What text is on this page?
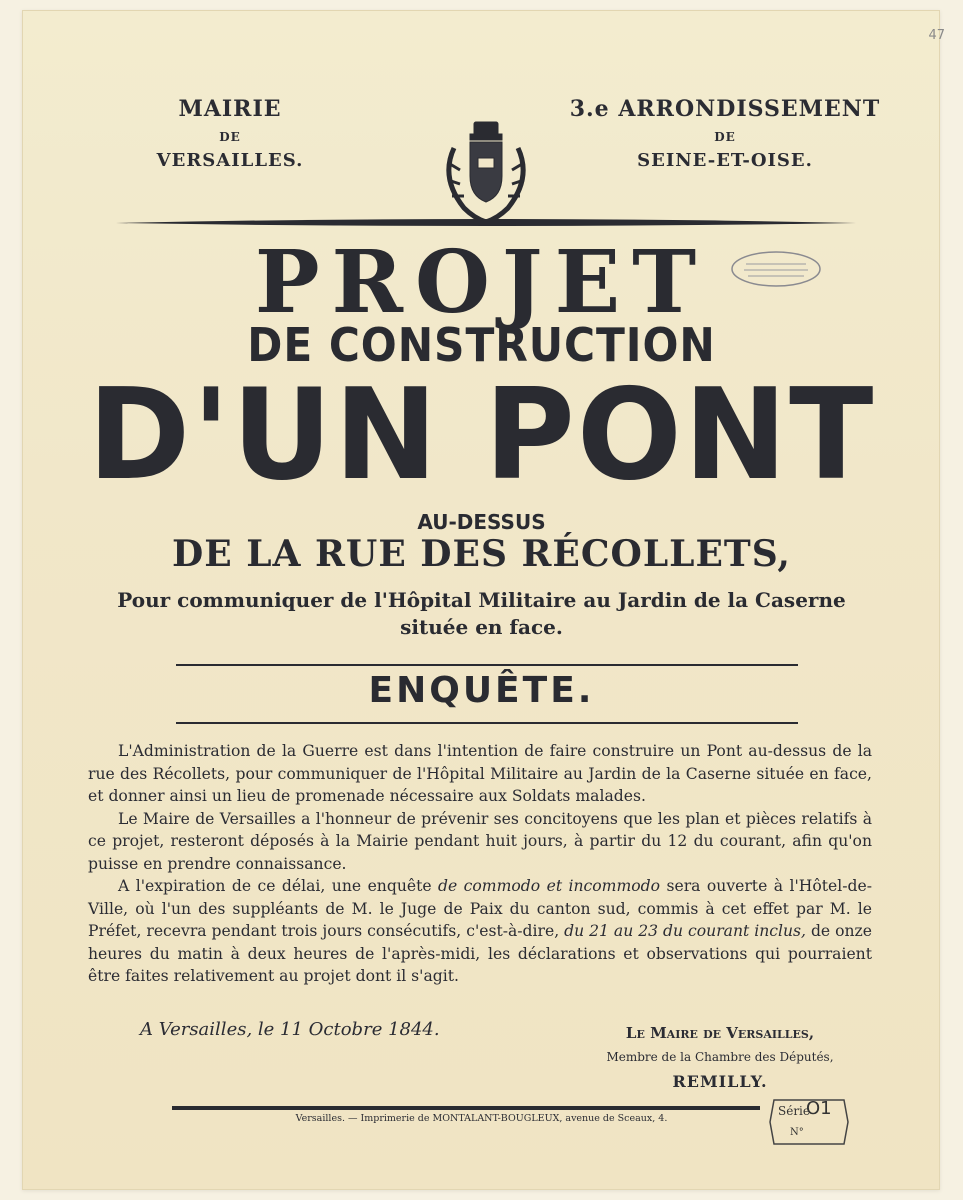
47
MAIRIE
DE
VERSAILLES.
3.e ARRONDISSEMENT
DE
SEINE-ET-OISE.
PROJET
DE CONSTRUCTION
D'UN PONT
AU-DESSUS
DE LA RUE DES RÉCOLLETS,
Pour communiquer de l'Hôpital Militaire au Jardin de la Caserne
située en face.
ENQUÊTE.

L'Administration de la Guerre est dans l'intention de faire construire un Pont au-dessus de la rue des Récollets, pour communiquer de l'Hôpital Militaire au Jardin de la Caserne située en face, et donner ainsi un lieu de promenade nécessaire aux Soldats malades.

Le Maire de Versailles a l'honneur de prévenir ses concitoyens que les plan et pièces relatifs à ce projet, resteront déposés à la Mairie pendant huit jours, à partir du 12 du courant, afin qu'on puisse en prendre connaissance.

A l'expiration de ce délai, une enquête de commodo et incommodo sera ouverte à l'Hôtel-de-Ville, où l'un des suppléants de M. le Juge de Paix du canton sud, commis à cet effet par M. le Préfet, recevra pendant trois jours consécutifs, c'est-à-dire, du 21 au 23 du courant inclus, de onze heures du matin à deux heures de l'après-midi, les déclarations et observations qui pourraient être faites relativement au projet dont il s'agit.

A Versailles, le 11 Octobre 1844.	Le Maire de Versailles,
Membre de la Chambre des Députés,
REMILLY.
Versailles. — Imprimerie de MONTALANT-BOUGLEUX, avenue de Sceaux, 4.
Série
O1
N°
